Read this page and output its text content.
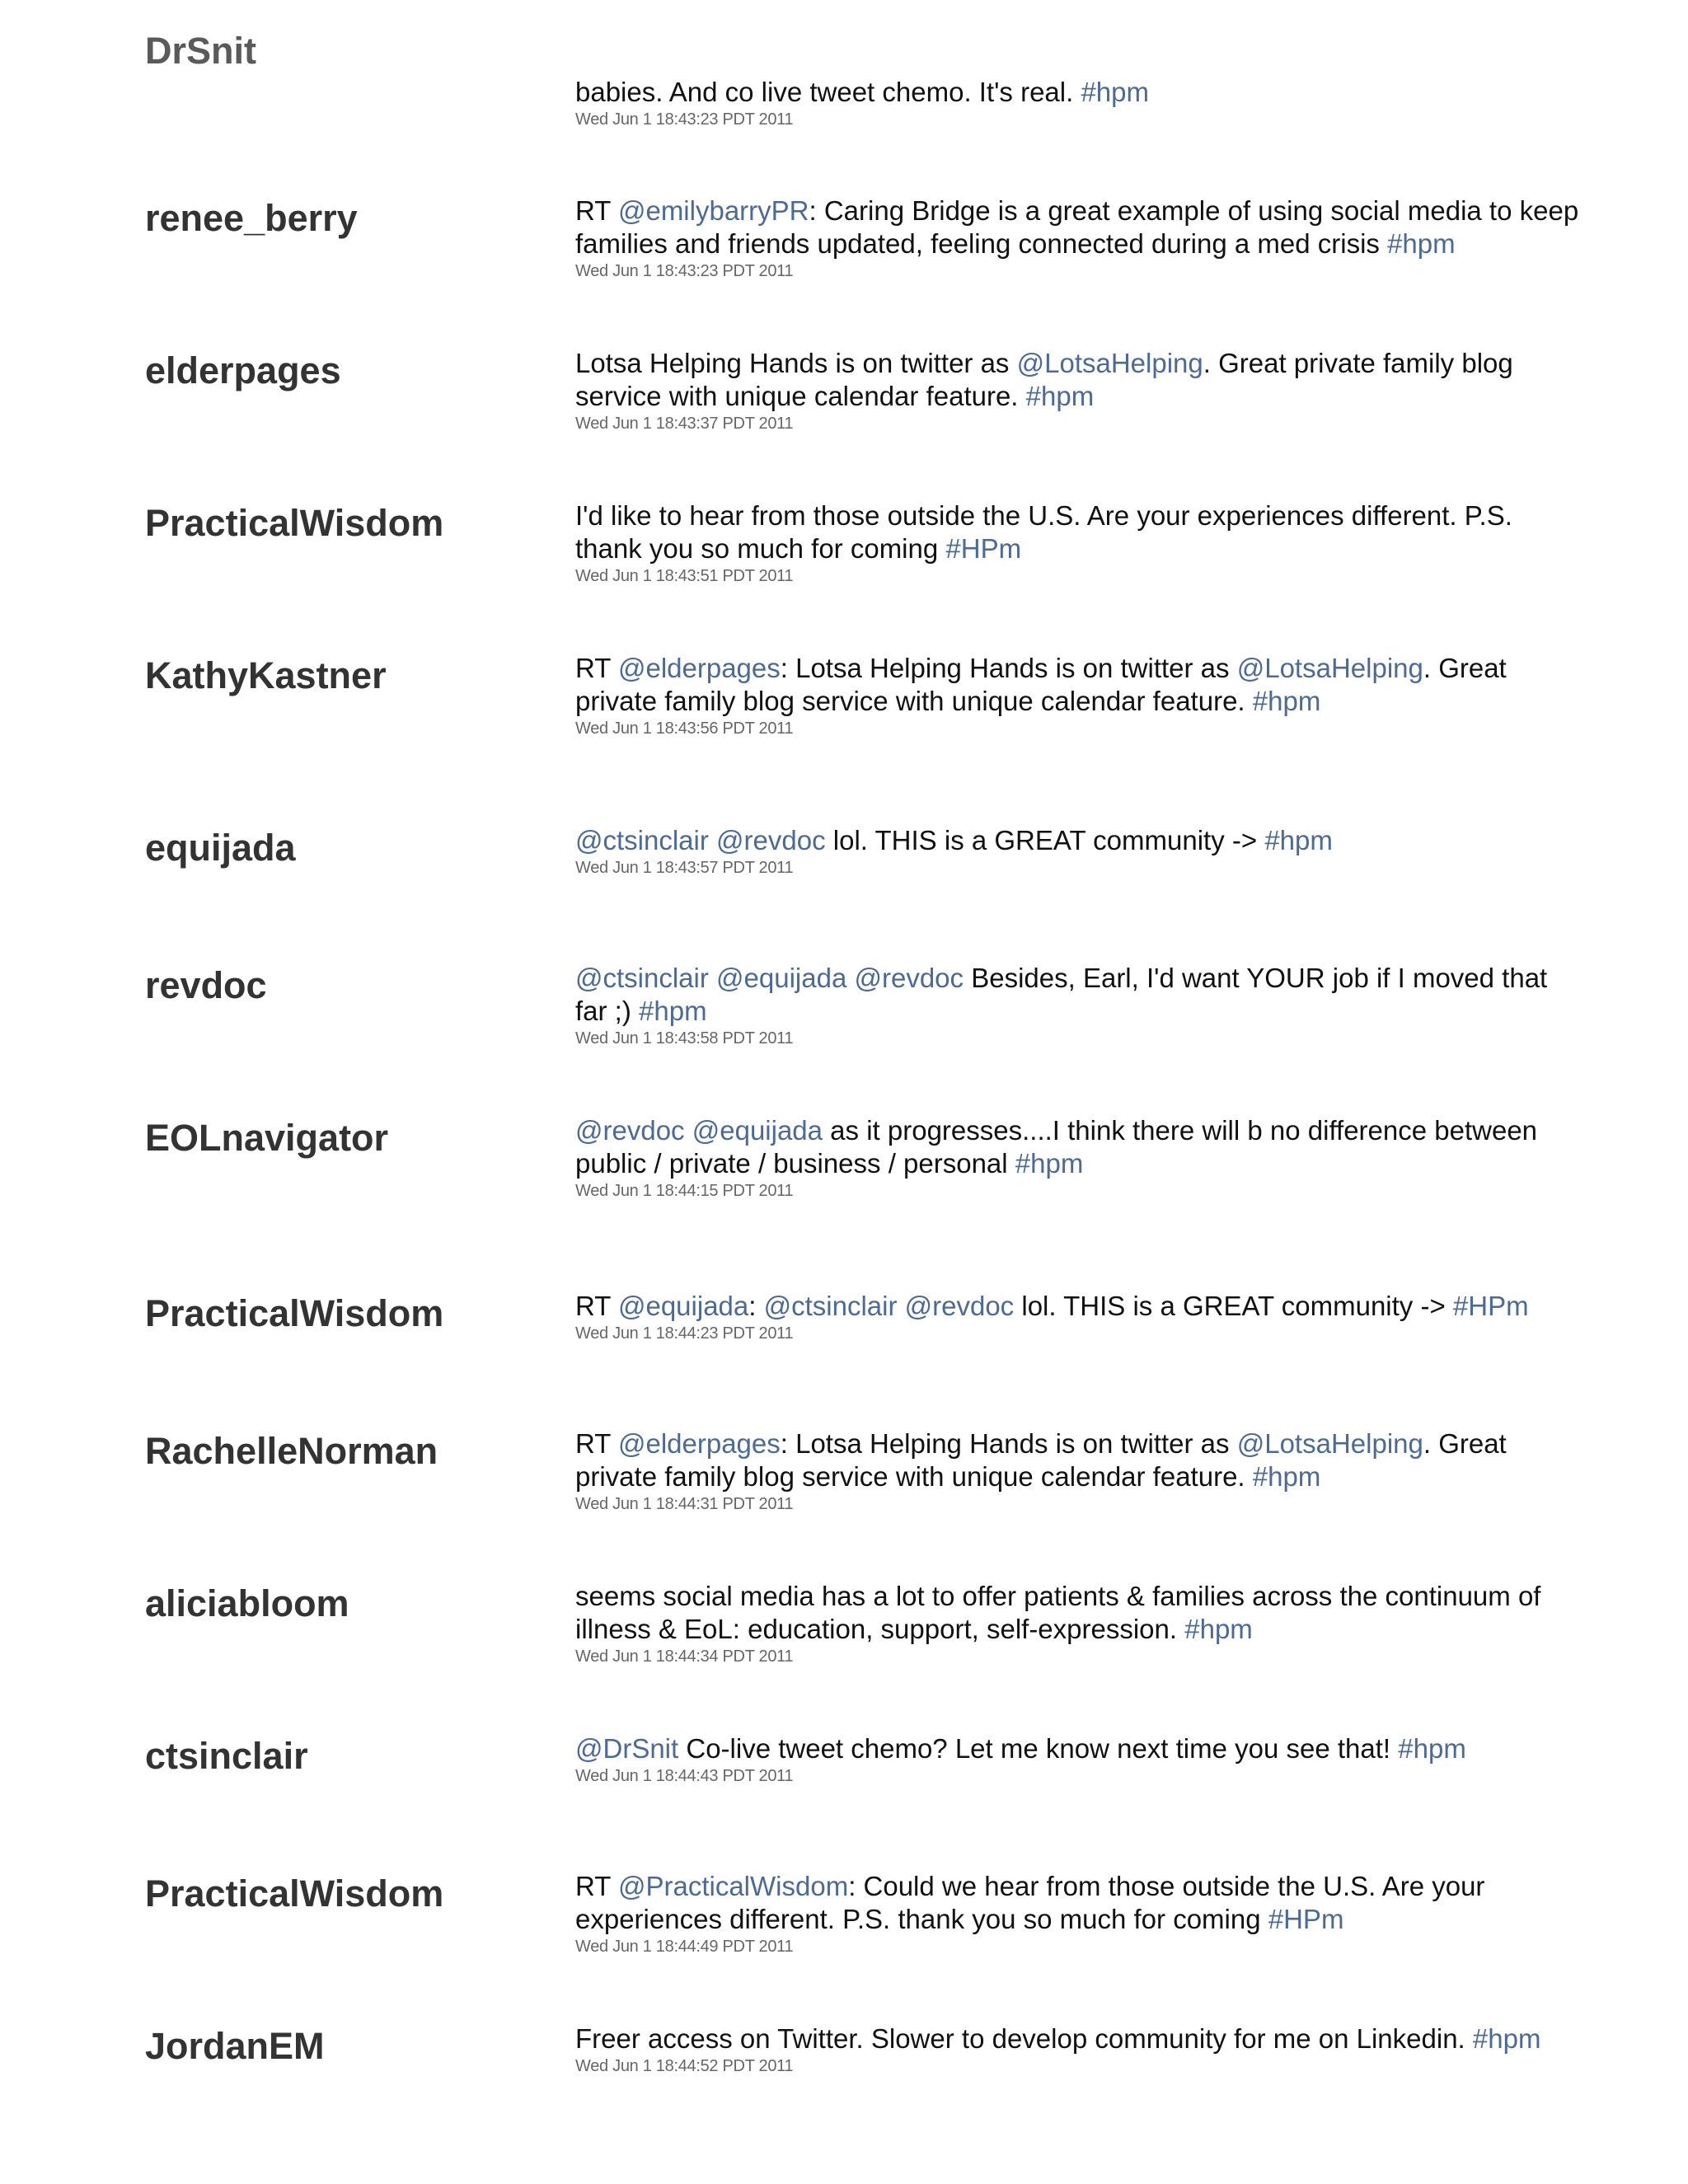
DrSnit
babies. And co live tweet chemo. It's real. #hpm
Wed Jun 1 18:43:23 PDT 2011
renee_berry	RT @emilybarryPR: Caring Bridge is a great example of using social media to keep families and friends updated, feeling connected during a med crisis #hpm
Wed Jun 1 18:43:23 PDT 2011
elderpages	Lotsa Helping Hands is on twitter as @LotsaHelping. Great private family blog service with unique calendar feature. #hpm
Wed Jun 1 18:43:37 PDT 2011
PracticalWisdom	I'd like to hear from those outside the U.S. Are your experiences different. P.S. thank you so much for coming #HPm
Wed Jun 1 18:43:51 PDT 2011
KathyKastner	RT @elderpages: Lotsa Helping Hands is on twitter as @LotsaHelping. Great private family blog service with unique calendar feature. #hpm
Wed Jun 1 18:43:56 PDT 2011
equijada	@ctsinclair @revdoc lol. THIS is a GREAT community -> #hpm
Wed Jun 1 18:43:57 PDT 2011
revdoc	@ctsinclair @equijada @revdoc Besides, Earl, I'd want YOUR job if I moved that far ;) #hpm
Wed Jun 1 18:43:58 PDT 2011
EOLnavigator	@revdoc @equijada as it progresses....I think there will b no difference between public / private / business / personal #hpm
Wed Jun 1 18:44:15 PDT 2011
PracticalWisdom	RT @equijada: @ctsinclair @revdoc lol. THIS is a GREAT community -> #HPm
Wed Jun 1 18:44:23 PDT 2011
RachelleNorman	RT @elderpages: Lotsa Helping Hands is on twitter as @LotsaHelping. Great private family blog service with unique calendar feature. #hpm
Wed Jun 1 18:44:31 PDT 2011
aliciabloom	seems social media has a lot to offer patients & families across the continuum of illness & EoL: education, support, self-expression. #hpm
Wed Jun 1 18:44:34 PDT 2011
ctsinclair	@DrSnit Co-live tweet chemo? Let me know next time you see that! #hpm
Wed Jun 1 18:44:43 PDT 2011
PracticalWisdom	RT @PracticalWisdom: Could we hear from those outside the U.S. Are your experiences different. P.S. thank you so much for coming #HPm
Wed Jun 1 18:44:49 PDT 2011
JordanEM	Freer access on Twitter. Slower to develop community for me on Linkedin. #hpm
Wed Jun 1 18:44:52 PDT 2011
